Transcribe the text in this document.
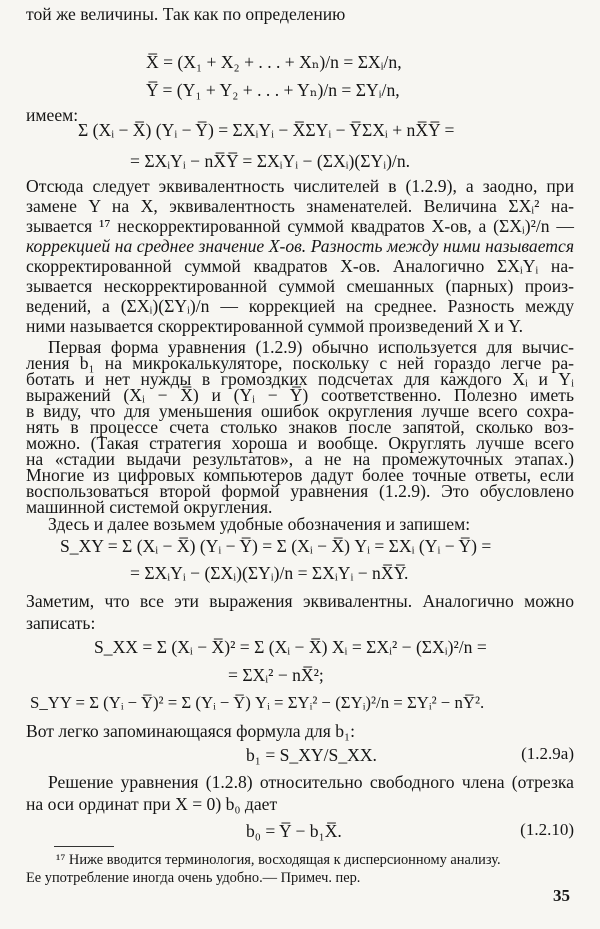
той же величины. Так как по определению
X̅ = (X₁ + X₂ + . . . + Xₙ)/n = ΣXᵢ/n,
Y̅ = (Y₁ + Y₂ + . . . + Yₙ)/n = ΣYᵢ/n,
имеем:
Σ (Xᵢ − X̅) (Yᵢ − Y̅) = ΣXᵢYᵢ − X̅ΣYᵢ − Y̅ΣXᵢ + nX̅Y̅ =
= ΣXᵢYᵢ − nX̅Y̅ = ΣXᵢYᵢ − (ΣXᵢ)(ΣYᵢ)/n.
Отсюда следует эквивалентность числителей в (1.2.9), а заодно, при
замене Y на X, эквивалентность знаменателей. Величина ΣXᵢ² на-
зывается ¹⁷ нескорректированной суммой квадратов X-ов, а (ΣXᵢ)²/n —
коррекцией на среднее значение X-ов. Разность между ними называется
скорректированной суммой квадратов X-ов. Аналогично ΣXᵢYᵢ на-
зывается нескорректированной суммой смешанных (парных) произ-
ведений, а (ΣXᵢ)(ΣYᵢ)/n — коррекцией на среднее. Разность между
ними называется скорректированной суммой произведений X и Y.
Первая форма уравнения (1.2.9) обычно используется для вычис-
ления b₁ на микрокалькуляторе, поскольку с ней гораздо легче ра-
ботать и нет нужды в громоздких подсчетах для каждого Xᵢ и Yᵢ
выражений (Xᵢ − X̅) и (Yᵢ − Y̅) соответственно. Полезно иметь
в виду, что для уменьшения ошибок округления лучше всего сохра-
нять в процессе счета столько знаков после запятой, сколько воз-
можно. (Такая стратегия хороша и вообще. Округлять лучше всего
на «стадии выдачи результатов», а не на промежуточных этапах.)
Многие из цифровых компьютеров дадут более точные ответы, если
воспользоваться второй формой уравнения (1.2.9). Это обусловлено
машинной системой округления.
Здесь и далее возьмем удобные обозначения и запишем:
S_XY = Σ (Xᵢ − X̅) (Yᵢ − Y̅) = Σ (Xᵢ − X̅) Yᵢ = ΣXᵢ (Yᵢ − Y̅) =
= ΣXᵢYᵢ − (ΣXᵢ)(ΣYᵢ)/n = ΣXᵢYᵢ − nX̅Y̅.
Заметим, что все эти выражения эквивалентны. Аналогично можно
записать:
S_XX = Σ (Xᵢ − X̅)² = Σ (Xᵢ − X̅) Xᵢ = ΣXᵢ² − (ΣXᵢ)²/n =
= ΣXᵢ² − nX̅²;
S_YY = Σ (Yᵢ − Y̅)² = Σ (Yᵢ − Y̅) Yᵢ = ΣYᵢ² − (ΣYᵢ)²/n = ΣYᵢ² − nY̅².
Вот легко запоминающаяся формула для b₁:
b₁ = S_XY/S_XX.	(1.2.9a)
Решение уравнения (1.2.8) относительно свободного члена (отрезка
на оси ординат при X = 0) b₀ дает
b₀ = Y̅ − b₁X̅.	(1.2.10)
¹⁷ Ниже вводится терминология, восходящая к дисперсионному анализу.
Ее употребление иногда очень удобно.— Примеч. пер.
35
